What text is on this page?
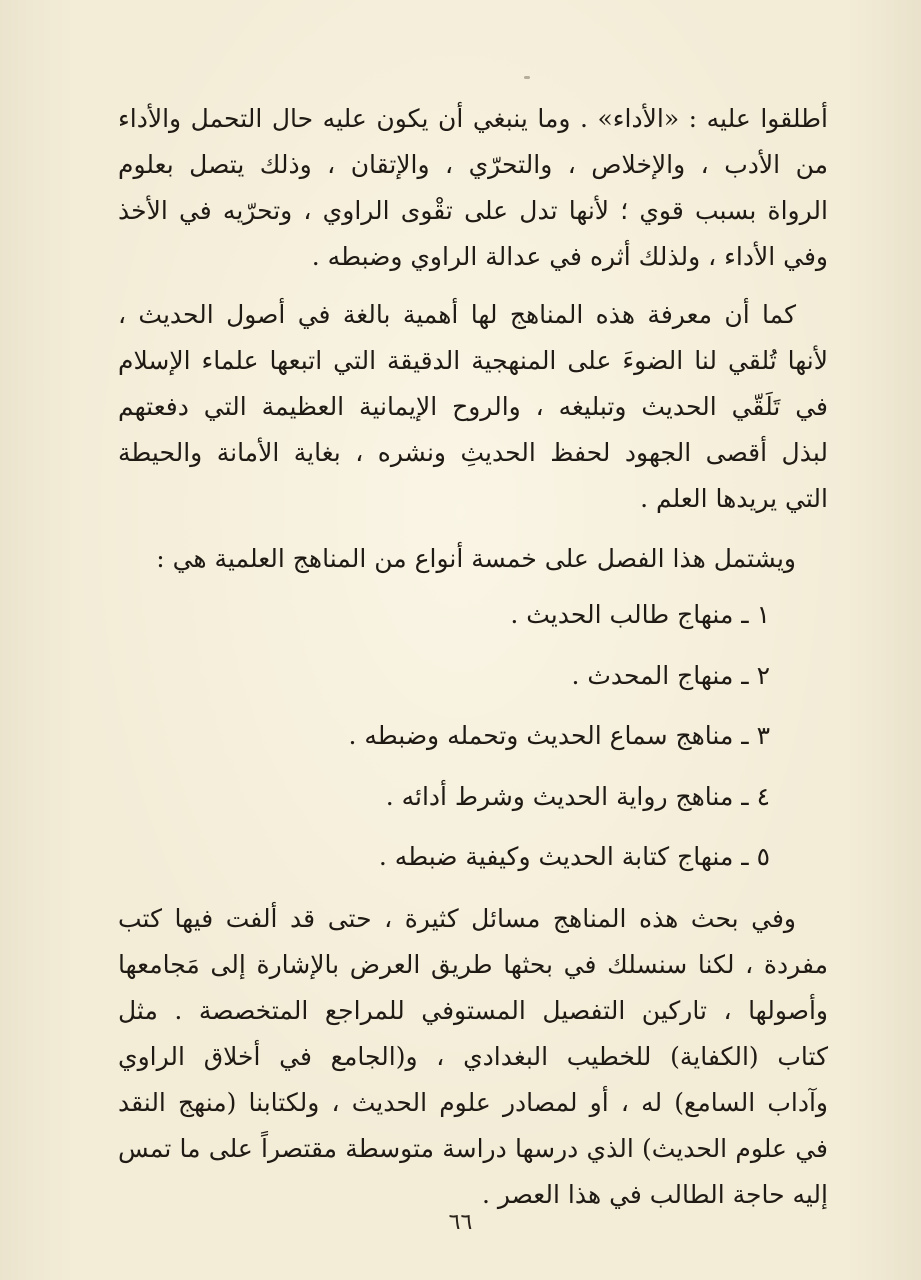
أطلقوا عليه : «الأداء» . وما ينبغي أن يكون عليه حال التحمل والأداء
من الأدب ، والإخلاص ، والتحرّي ، والإتقان ، وذلك يتصل بعلوم
الرواة بسبب قوي ؛ لأنها تدل على تقْوى الراوي ، وتحرّيه في الأخذ
وفي الأداء ، ولذلك أثره في عدالة الراوي وضبطه .
كما أن معرفة هذه المناهج لها أهمية بالغة في أصول الحديث ،
لأنها تُلقي لنا الضوءَ على المنهجية الدقيقة التي اتبعها علماء الإسلام
في تَلَقّي الحديث وتبليغه ، والروح الإيمانية العظيمة التي دفعتهم
لبذل أقصى الجهود لحفظ الحديثِ ونشره ، بغاية الأمانة والحيطة
التي يريدها العلم .
ويشتمل هذا الفصل على خمسة أنواع من المناهج العلمية هي :
١ ـ منهاج طالب الحديث .
٢ ـ منهاج المحدث .
٣ ـ مناهج سماع الحديث وتحمله وضبطه .
٤ ـ مناهج رواية الحديث وشرط أدائه .
٥ ـ منهاج كتابة الحديث وكيفية ضبطه .
وفي بحث هذه المناهج مسائل كثيرة ، حتى قد ألفت فيها كتب
مفردة ، لكنا سنسلك في بحثها طريق العرض بالإشارة إلى مَجامعها
وأصولها ، تاركين التفصيل المستوفي للمراجع المتخصصة . مثل
كتاب (الكفاية) للخطيب البغدادي ، و(الجامع في أخلاق الراوي
وآداب السامع) له ، أو لمصادر علوم الحديث ، ولكتابنا (منهج النقد
في علوم الحديث) الذي درسها دراسة متوسطة مقتصراً على ما تمس
إليه حاجة الطالب في هذا العصر .
٦٦
